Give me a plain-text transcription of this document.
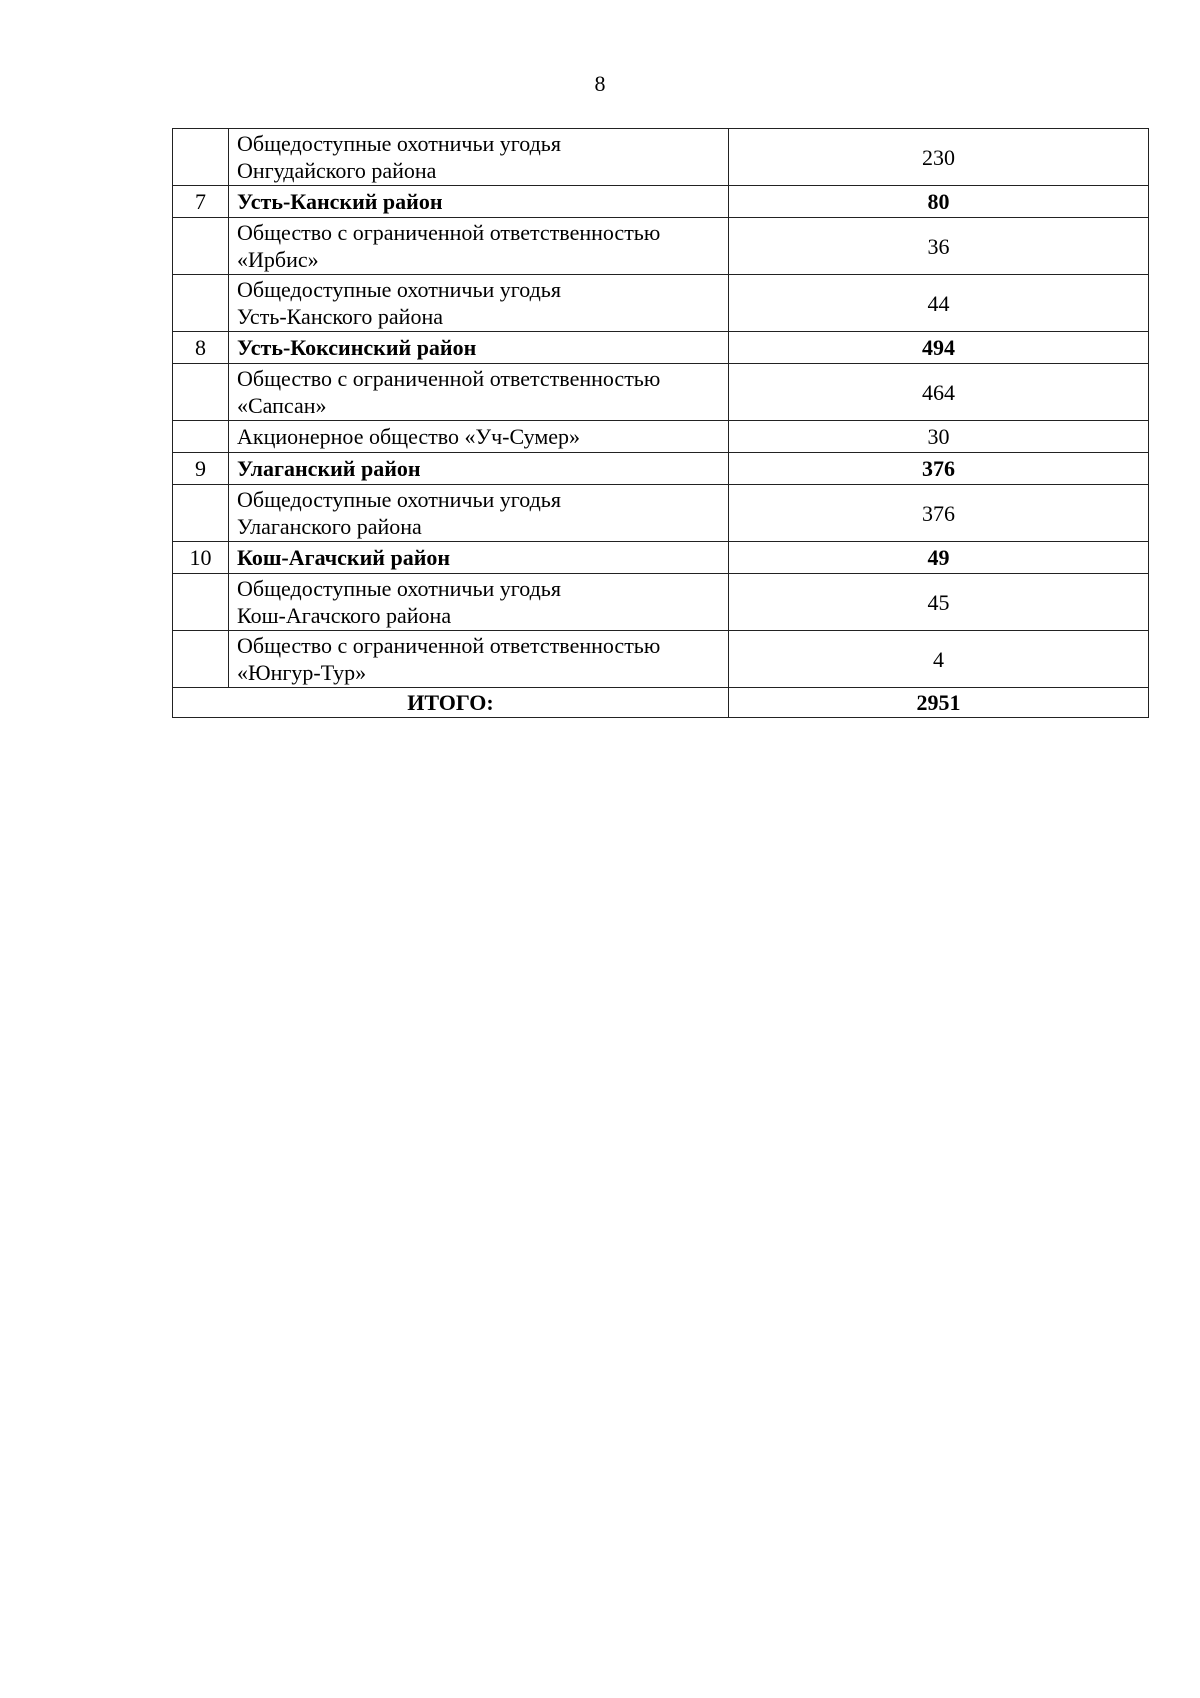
8
	Общедоступные охотничьи угодья
Онгудайского района	230
7	Усть-Канский район	80
	Общество с ограниченной ответственностью
«Ирбис»	36
	Общедоступные охотничьи угодья
Усть-Канского района	44
8	Усть-Коксинский район	494
	Общество с ограниченной ответственностью
«Сапсан»	464
	Акционерное общество «Уч-Сумер»	30
9	Улаганский район	376
	Общедоступные охотничьи угодья
Улаганского района	376
10	Кош-Агачский район	49
	Общедоступные охотничьи угодья
Кош-Агачского района	45
	Общество с ограниченной ответственностью
«Юнгур-Тур»	4
ИТОГО:		2951
